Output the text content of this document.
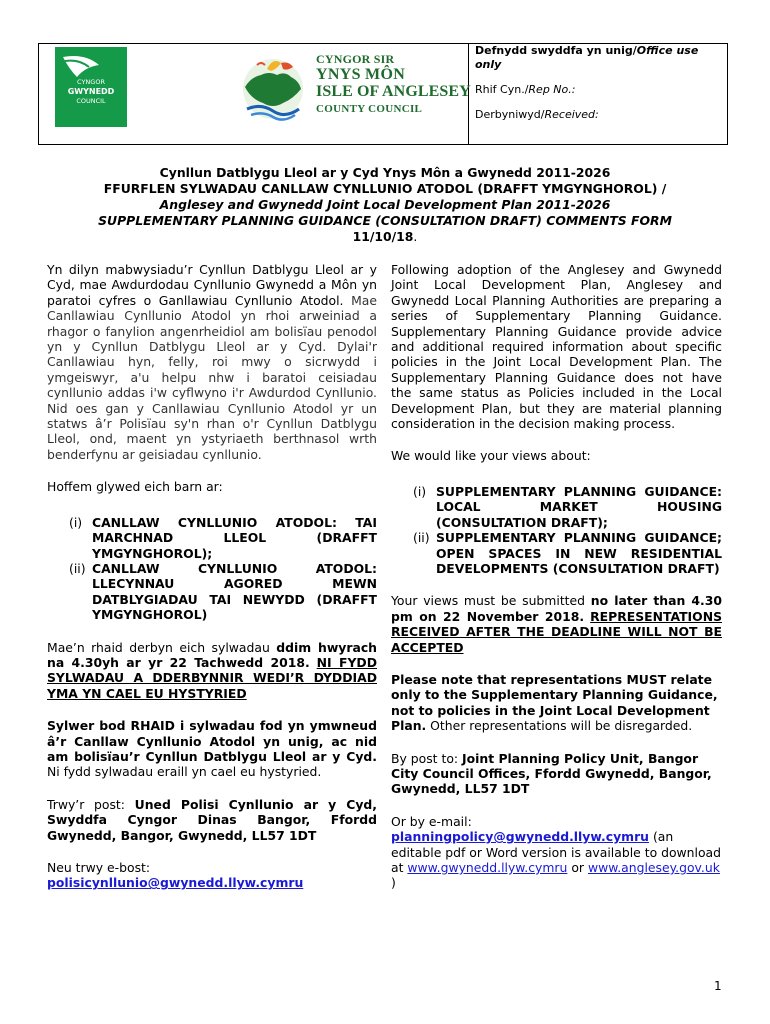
CYNGOR
GWYNEDD
COUNCIL
CYNGOR SIR
YNYS MÔN
ISLE OF ANGLESEY
COUNTY COUNCIL
Defnydd swyddfa yn unig/Office use only
Rhif Cyn./Rep No.:
Derbyniwyd/Received:
Cynllun Datblygu Lleol ar y Cyd Ynys Môn a Gwynedd 2011-2026
FFURFLEN SYLWADAU CANLLAW CYNLLUNIO ATODOL (DRAFFT YMGYNGHOROL) /
Anglesey and Gwynedd Joint Local Development Plan 2011-2026
SUPPLEMENTARY PLANNING GUIDANCE (CONSULTATION DRAFT) COMMENTS FORM
11/10/18.

Yn dilyn mabwysiadu’r Cynllun Datblygu Lleol ar y Cyd, mae Awdurdodau Cynllunio Gwynedd a Môn yn paratoi cyfres o Ganllawiau Cynllunio Atodol. Mae Canllawiau Cynllunio Atodol yn rhoi arweiniad a rhagor o fanylion angenrheidiol am bolisïau penodol yn y Cynllun Datblygu Lleol ar y Cyd. Dylai'r Canllawiau hyn, felly, roi mwy o sicrwydd i ymgeiswyr, a'u helpu nhw i baratoi ceisiadau cynllunio addas i'w cyflwyno i'r Awdurdod Cynllunio. Nid oes gan y Canllawiau Cynllunio Atodol yr un statws â’r Polisïau sy'n rhan o'r Cynllun Datblygu Lleol, ond, maent yn ystyriaeth berthnasol wrth benderfynu ar geisiadau cynllunio.

Hoffem glywed eich barn ar:

(i) CANLLAW CYNLLUNIO ATODOL: TAI MARCHNAD LLEOL (DRAFFT YMGYNGHOROL);
(ii) CANLLAW CYNLLUNIO ATODOL: LLECYNNAU AGORED MEWN DATBLYGIADAU TAI NEWYDD (DRAFFT YMGYNGHOROL)

Mae’n rhaid derbyn eich sylwadau ddim hwyrach na 4.30yh ar yr 22 Tachwedd 2018. NI FYDD SYLWADAU A DDERBYNNIR WEDI’R DYDDIAD YMA YN CAEL EU HYSTYRIED

Sylwer bod RHAID i sylwadau fod yn ymwneud â’r Canllaw Cynllunio Atodol yn unig, ac nid am bolisïau’r Cynllun Datblygu Lleol ar y Cyd. Ni fydd sylwadau eraill yn cael eu hystyried.

Trwy’r post: Uned Polisi Cynllunio ar y Cyd, Swyddfa Cyngor Dinas Bangor, Ffordd Gwynedd, Bangor, Gwynedd, LL57 1DT

Neu trwy e-bost:

polisicynllunio@gwynedd.llyw.cymru

Following adoption of the Anglesey and Gwynedd Joint Local Development Plan, Anglesey and Gwynedd Local Planning Authorities are preparing a series of Supplementary Planning Guidance. Supplementary Planning Guidance provide advice and additional required information about specific policies in the Joint Local Development Plan. The Supplementary Planning Guidance does not have the same status as Policies included in the Local Development Plan, but they are material planning consideration in the decision making process.

We would like your views about:

(i) SUPPLEMENTARY PLANNING GUIDANCE: LOCAL MARKET HOUSING (CONSULTATION DRAFT);
(ii) SUPPLEMENTARY PLANNING GUIDANCE; OPEN SPACES IN NEW RESIDENTIAL DEVELOPMENTS (CONSULTATION DRAFT)

Your views must be submitted no later than 4.30 pm on 22 November 2018. REPRESENTATIONS RECEIVED AFTER THE DEADLINE WILL NOT BE ACCEPTED

Please note that representations MUST relate only to the Supplementary Planning Guidance, not to policies in the Joint Local Development Plan. Other representations will be disregarded.

By post to: Joint Planning Policy Unit, Bangor City Council Offices, Ffordd Gwynedd, Bangor, Gwynedd, LL57 1DT

Or by e-mail:

planningpolicy@gwynedd.llyw.cymru (an editable pdf or Word version is available to download at www.gwynedd.llyw.cymru or www.anglesey.gov.uk )

1
